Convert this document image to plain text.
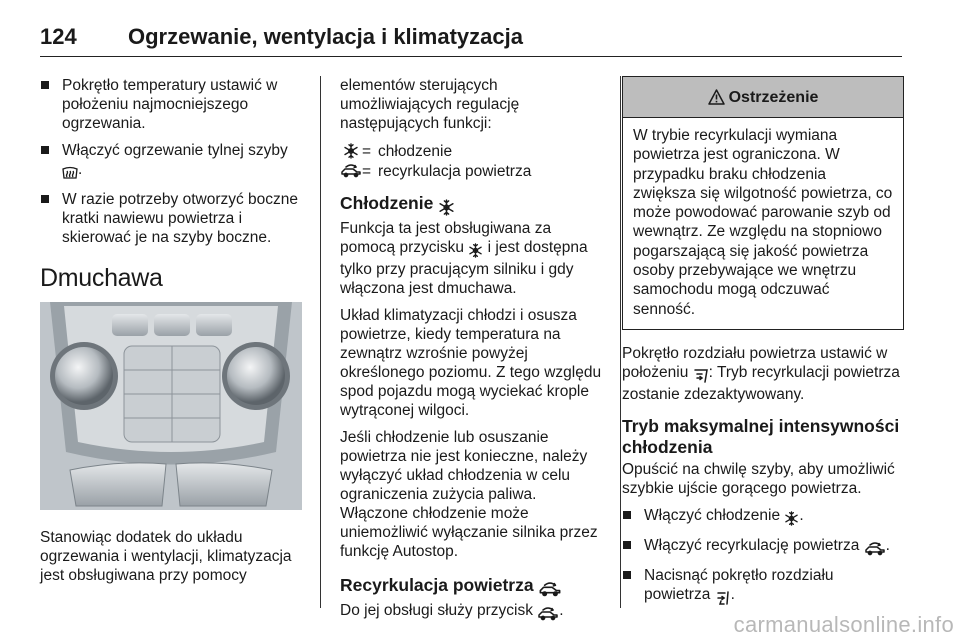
124 Ogrzewanie, wentylacja i klimatyzacja
Pokrętło temperatury ustawić w położeniu najmocniejszego ogrzewania.
Włączyć ogrzewanie tylnej szyby .
W razie potrzeby otworzyć boczne kratki nawiewu powietrza i skierować je na szyby boczne.
Dmuchawa

Stanowiąc dodatek do układu ogrzewania i wentylacji, klimatyzacja jest obsługiwana przy pomocy

elementów sterujących umożliwiających regulację następujących funkcji:

= chłodzenie
= recyrkulacja powietrza
Chłodzenie

Funkcja ta jest obsługiwana za pomocą przycisku i jest dostępna tylko przy pracującym silniku i gdy włączona jest dmuchawa.

Układ klimatyzacji chłodzi i osusza powietrze, kiedy temperatura na zewnątrz wzrośnie powyżej określonego poziomu. Z tego względu spod pojazdu mogą wyciekać krople wytrąconej wilgoci.

Jeśli chłodzenie lub osuszanie powietrza nie jest konieczne, należy wyłączyć układ chłodzenia w celu ograniczenia zużycia paliwa. Włączone chłodzenie może uniemożliwić wyłączanie silnika przez funkcję Autostop.

Recyrkulacja powietrza

Do jej obsługi służy przycisk .

Ostrzeżenie
W trybie recyrkulacji wymiana powietrza jest ograniczona. W przypadku braku chłodzenia zwiększa się wilgotność powietrza, co może powodować parowanie szyb od wewnątrz. Ze względu na stopniowo pogarszającą się jakość powietrza osoby przebywające we wnętrzu samochodu mogą odczuwać senność.

Pokrętło rozdziału powietrza ustawić w położeniu : Tryb recyrkulacji powietrza zostanie zdezaktywowany.

Tryb maksymalnej intensywności chłodzenia

Opuścić na chwilę szyby, aby umożliwić szybkie ujście gorącego powietrza.

Włączyć chłodzenie .
Włączyć recyrkulację powietrza .
Nacisnąć pokrętło rozdziału powietrza .
carmanualsonline.info
